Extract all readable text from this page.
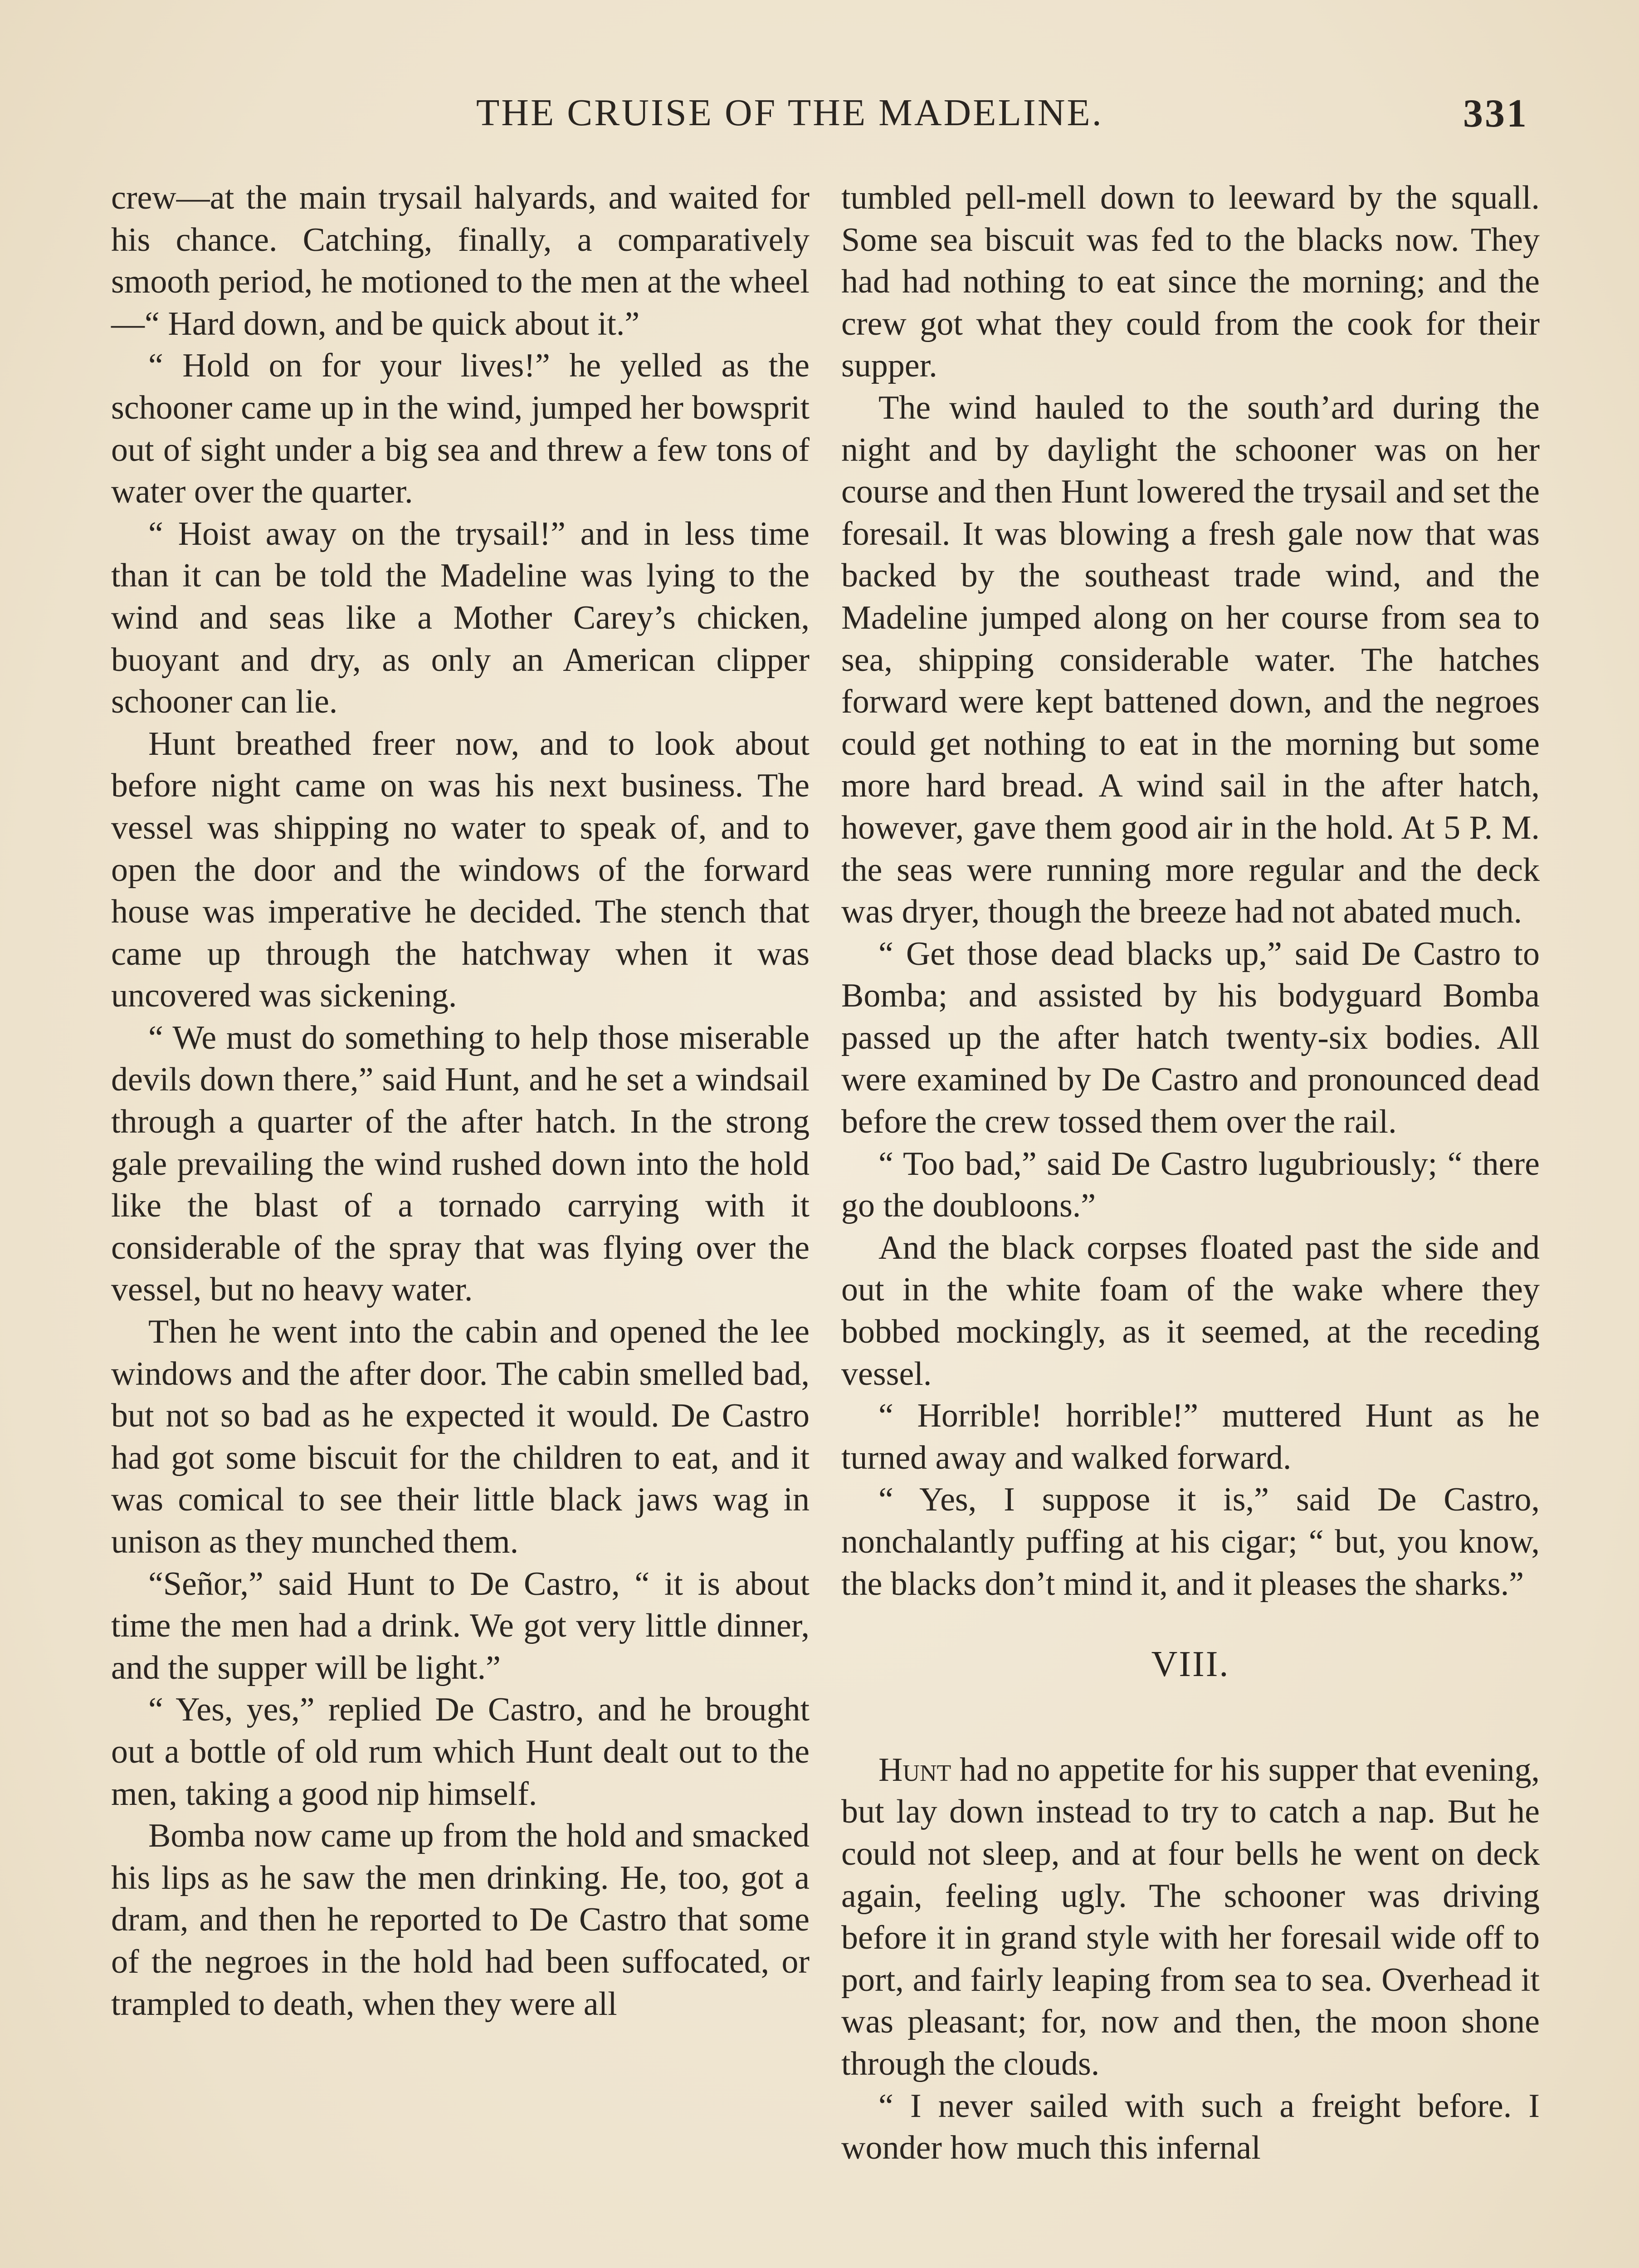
THE CRUISE OF THE MADELINE.	331

crew—at the main trysail halyards, and waited for his chance. Catching, finally, a comparatively smooth period, he motioned to the men at the wheel—“ Hard down, and be quick about it.”

“ Hold on for your lives!” he yelled as the schooner came up in the wind, jumped her bowsprit out of sight under a big sea and threw a few tons of water over the quarter.

“ Hoist away on the trysail!” and in less time than it can be told the Madeline was lying to the wind and seas like a Mother Carey’s chicken, buoyant and dry, as only an American clipper schooner can lie.

Hunt breathed freer now, and to look about before night came on was his next business. The vessel was shipping no water to speak of, and to open the door and the windows of the forward house was imperative he decided. The stench that came up through the hatchway when it was uncovered was sickening.

“ We must do something to help those miserable devils down there,” said Hunt, and he set a windsail through a quarter of the after hatch. In the strong gale prevailing the wind rushed down into the hold like the blast of a tornado carrying with it considerable of the spray that was flying over the vessel, but no heavy water.

Then he went into the cabin and opened the lee windows and the after door. The cabin smelled bad, but not so bad as he expected it would. De Castro had got some biscuit for the children to eat, and it was comical to see their little black jaws wag in unison as they munched them.

“Señor,” said Hunt to De Castro, “ it is about time the men had a drink. We got very little dinner, and the supper will be light.”

“ Yes, yes,” replied De Castro, and he brought out a bottle of old rum which Hunt dealt out to the men, taking a good nip himself.

Bomba now came up from the hold and smacked his lips as he saw the men drinking. He, too, got a dram, and then he reported to De Castro that some of the negroes in the hold had been suffocated, or trampled to death, when they were all

tumbled pell-mell down to leeward by the squall. Some sea biscuit was fed to the blacks now. They had had nothing to eat since the morning; and the crew got what they could from the cook for their supper.

The wind hauled to the south’ard during the night and by daylight the schooner was on her course and then Hunt lowered the trysail and set the foresail. It was blowing a fresh gale now that was backed by the southeast trade wind, and the Madeline jumped along on her course from sea to sea, shipping considerable water. The hatches forward were kept battened down, and the negroes could get nothing to eat in the morning but some more hard bread. A wind sail in the after hatch, however, gave them good air in the hold. At 5 P. M. the seas were running more regular and the deck was dryer, though the breeze had not abated much.

“ Get those dead blacks up,” said De Castro to Bomba; and assisted by his bodyguard Bomba passed up the after hatch twenty-six bodies. All were examined by De Castro and pronounced dead before the crew tossed them over the rail.

“ Too bad,” said De Castro lugubriously; “ there go the doubloons.”

And the black corpses floated past the side and out in the white foam of the wake where they bobbed mockingly, as it seemed, at the receding vessel.

“ Horrible! horrible!” muttered Hunt as he turned away and walked forward.

“ Yes, I suppose it is,” said De Castro, nonchalantly puffing at his cigar; “ but, you know, the blacks don’t mind it, and it pleases the sharks.”

VIII.

Hunt had no appetite for his supper that evening, but lay down instead to try to catch a nap. But he could not sleep, and at four bells he went on deck again, feeling ugly. The schooner was driving before it in grand style with her foresail wide off to port, and fairly leaping from sea to sea. Overhead it was pleasant; for, now and then, the moon shone through the clouds.

“ I never sailed with such a freight before. I wonder how much this infernal
